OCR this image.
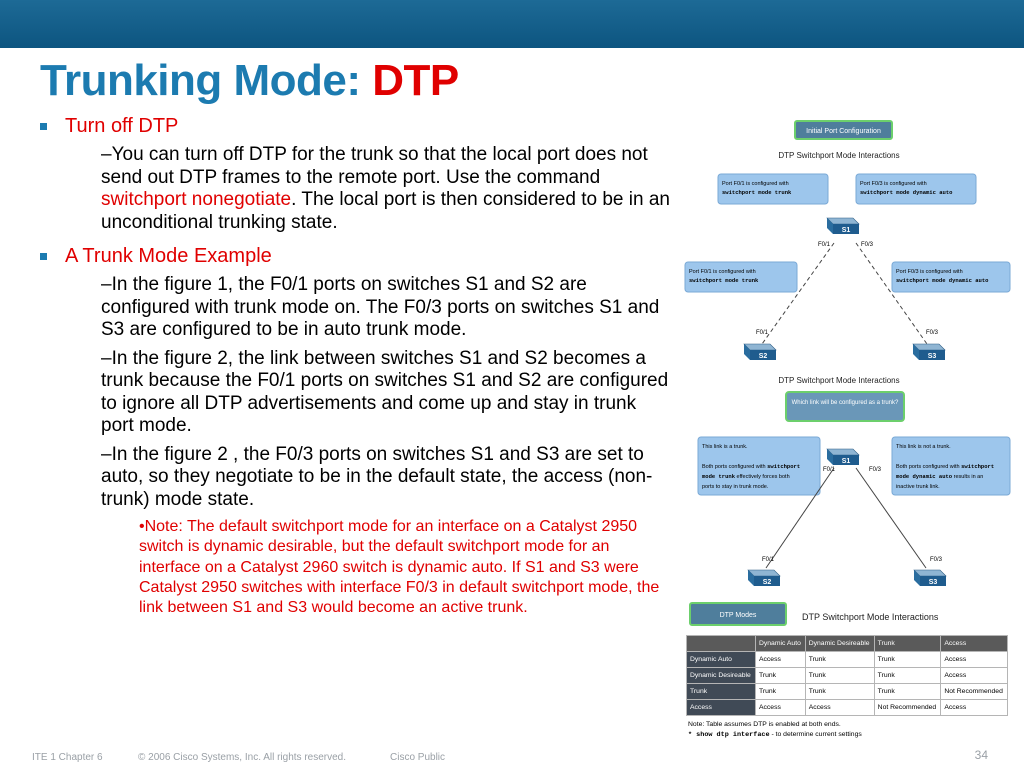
Trunking Mode: DTP
Turn off DTP
–You can turn off DTP for the trunk so that the local port does not send out DTP frames to the remote port. Use the command switchport nonegotiate. The local port is then considered to be in an unconditional trunking state.
A Trunk Mode Example
–In the figure 1, the F0/1 ports on switches S1 and S2 are configured with trunk mode on. The F0/3 ports on switches S1 and S3 are configured to be in auto trunk mode.
–In the figure 2, the link between switches S1 and S2 becomes a trunk because the F0/1 ports on switches S1 and S2 are configured to ignore all DTP advertisements and come up and stay in trunk port mode.
–In the figure 2 , the F0/3 ports on switches S1 and S3 are set to auto, so they negotiate to be in the default state, the access (non-trunk) mode state.
•Note: The default switchport mode for an interface on a Catalyst 2950 switch is dynamic desirable, but the default switchport mode for an interface on a Catalyst 2960 switch is dynamic auto. If S1 and S3 were Catalyst 2950 switches with interface F0/3 in default switchport mode, the link between S1 and S3 would become an active trunk.
Initial Port Configuration
DTP Switchport Mode Interactions
Port F0/1 is configured with
switchport mode trunk
Port F0/3 is configured with
switchport mode dynamic auto
S1
F0/1	F0/3
Port F0/1 is configured with
switchport mode trunk
Port F0/3 is configured with
switchport mode dynamic auto
F0/1	F0/3
S2	S3
DTP Switchport Mode Interactions
Which link will be configured as a trunk?
This link is a trunk.
Both ports configured with switchport
mode trunk effectively forces both
ports to stay in trunk mode.
This link is not a trunk.
Both ports configured with switchport
mode dynamic auto results in an
inactive trunk link.
S1
F0/1	F0/3
F0/1	F0/3
S2	S3
DTP Modes	DTP Switchport Mode Interactions
	Dynamic Auto	Dynamic Desireable	Trunk	Access
Dynamic Auto	Access	Trunk	Trunk	Access
Dynamic Desireable	Trunk	Trunk	Trunk	Access
Trunk	Trunk	Trunk	Trunk	Not Recommended
Access	Access	Access	Not Recommended	Access
Note: Table assumes DTP is enabled at both ends.
* show dtp interface - to determine current settings
ITE 1 Chapter 6	© 2006 Cisco Systems, Inc. All rights reserved.	Cisco Public	34
